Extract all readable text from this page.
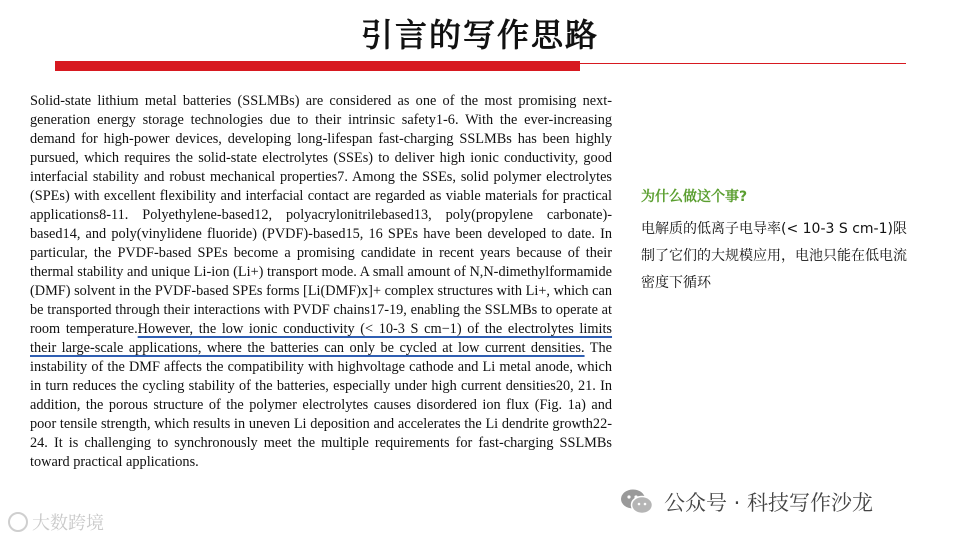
引言的写作思路
Solid-state lithium metal batteries (SSLMBs) are considered as one of the most promising next-generation energy storage technologies due to their intrinsic safety1-6. With the ever-increasing demand for high-power devices, developing long-lifespan fast-charging SSLMBs has been highly pursued, which requires the solid-state electrolytes (SSEs) to deliver high ionic conductivity, good interfacial stability and robust mechanical properties7. Among the SSEs, solid polymer electrolytes (SPEs) with excellent flexibility and interfacial contact are regarded as viable materials for practical applications8-11. Polyethylene-based12, polyacrylonitrilebased13, poly(propylene carbonate)-based14, and poly(vinylidene fluoride) (PVDF)-based15, 16 SPEs have been developed to date. In particular, the PVDF-based SPEs become a promising candidate in recent years because of their thermal stability and unique Li-ion (Li+) transport mode. A small amount of N,N-dimethylformamide (DMF) solvent in the PVDF-based SPEs forms [Li(DMF)x]+ complex structures with Li+, which can be transported through their interactions with PVDF chains17-19, enabling the SSLMBs to operate at room temperature.However, the low ionic conductivity (< 10-3 S cm−1) of the electrolytes limits their large-scale applications, where the batteries can only be cycled at low current densities. The instability of the DMF affects the compatibility with highvoltage cathode and Li metal anode, which in turn reduces the cycling stability of the batteries, especially under high current densities20, 21. In addition, the porous structure of the polymer electrolytes causes disordered ion flux (Fig. 1a) and poor tensile strength, which results in uneven Li deposition and accelerates the Li dendrite growth22-24. It is challenging to synchronously meet the multiple requirements for fast-charging SSLMBs toward practical applications.
为什么做这个事?
电解质的低离子电导率(< 10-3 S cm-1)限制了它们的大规模应用，电池只能在低电流密度下循环
大数跨境
公众号 · 科技写作沙龙
